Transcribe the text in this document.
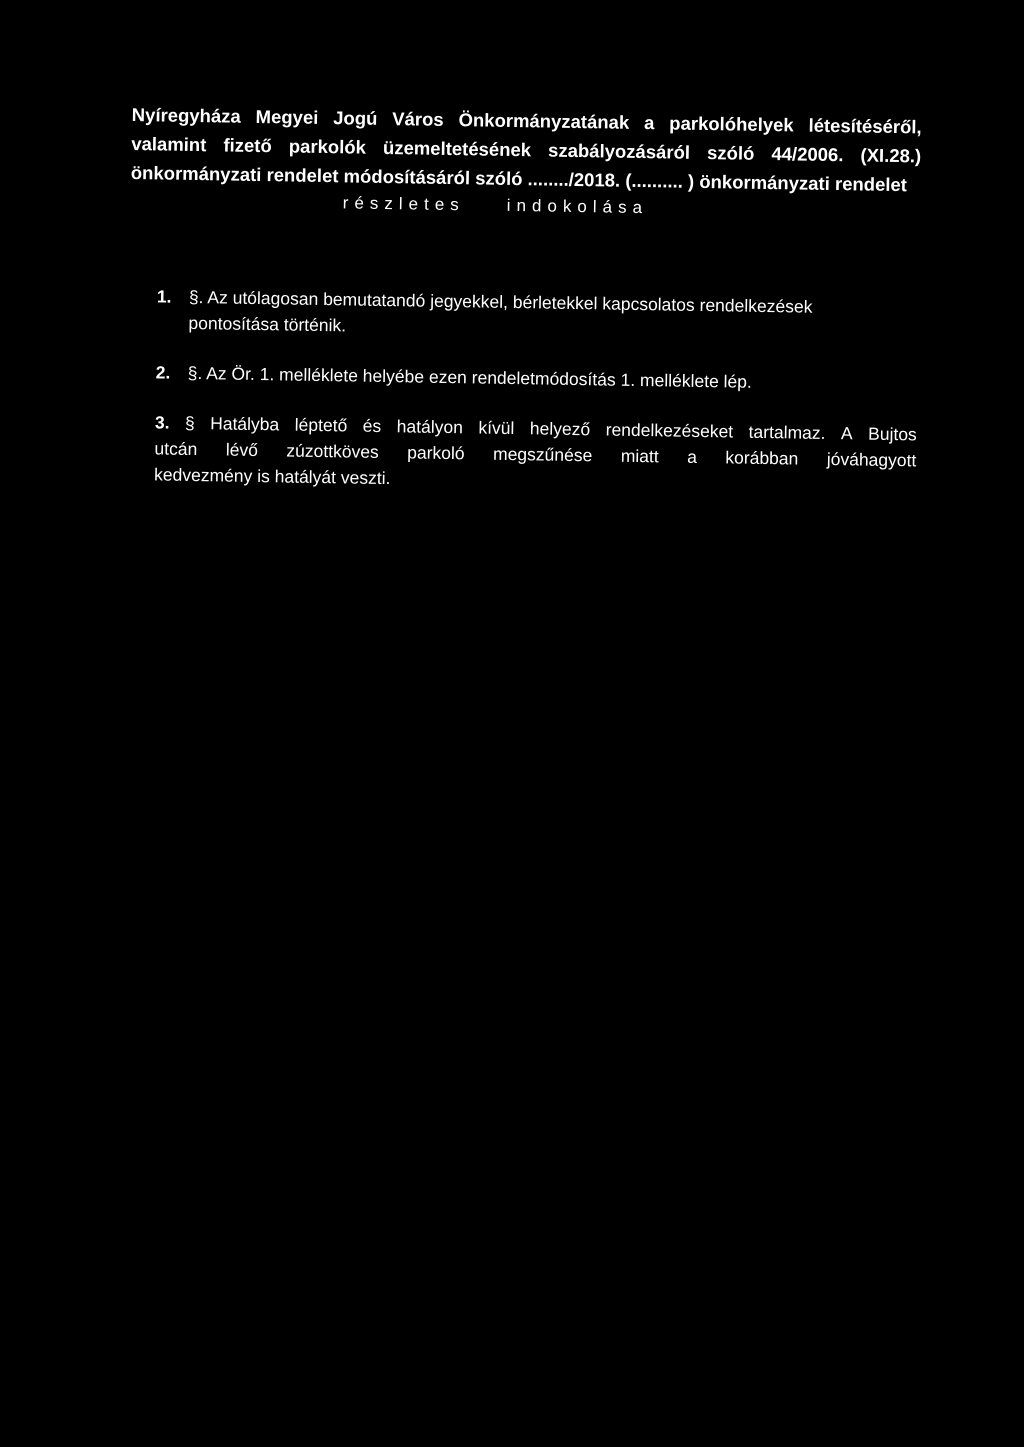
Nyíregyháza Megyei Jogú Város Önkormányzatának a parkolóhelyek létesítéséről,
valamint fizető parkolók üzemeltetésének szabályozásáról szóló 44/2006. (XI.28.)
önkormányzati rendelet módosításáról szóló ......../2018. (.......... ) önkormányzati rendelet
részletes indokolása
1. §. Az utólagosan bemutatandó jegyekkel, bérletekkel kapcsolatos rendelkezések pontosítása történik.
2. §. Az Ör. 1. melléklete helyébe ezen rendeletmódosítás 1. melléklete lép.
3. § Hatályba léptető és hatályon kívül helyező rendelkezéseket tartalmaz. A Bujtos
utcán lévő zúzottköves parkoló megszűnése miatt a korábban jóváhagyott
kedvezmény is hatályát veszti.
